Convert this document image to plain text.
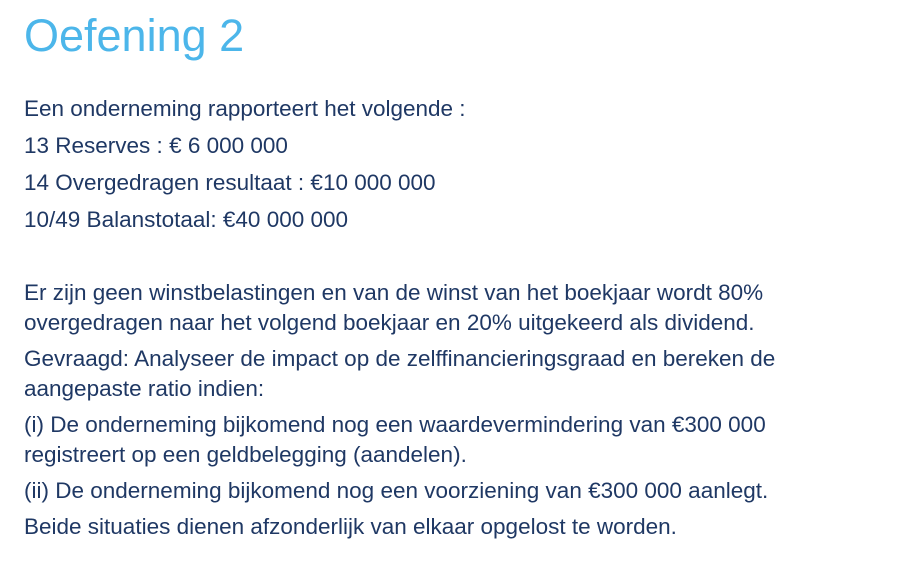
Oefening 2

Een onderneming rapporteert het volgende :

13 Reserves : € 6 000 000

14 Overgedragen resultaat : €10 000 000

10/49 Balanstotaal: €40 000 000

Er zijn geen winstbelastingen en van de winst van het boekjaar wordt 80%
overgedragen naar het volgend boekjaar en 20% uitgekeerd als dividend.
Gevraagd: Analyseer de impact op de zelffinancieringsgraad en bereken de
aangepaste ratio indien:
(i) De onderneming bijkomend nog een waardevermindering van €300 000
registreert op een geldbelegging (aandelen).
(ii) De onderneming bijkomend nog een voorziening van €300 000 aanlegt.
Beide situaties dienen afzonderlijk van elkaar opgelost te worden.
